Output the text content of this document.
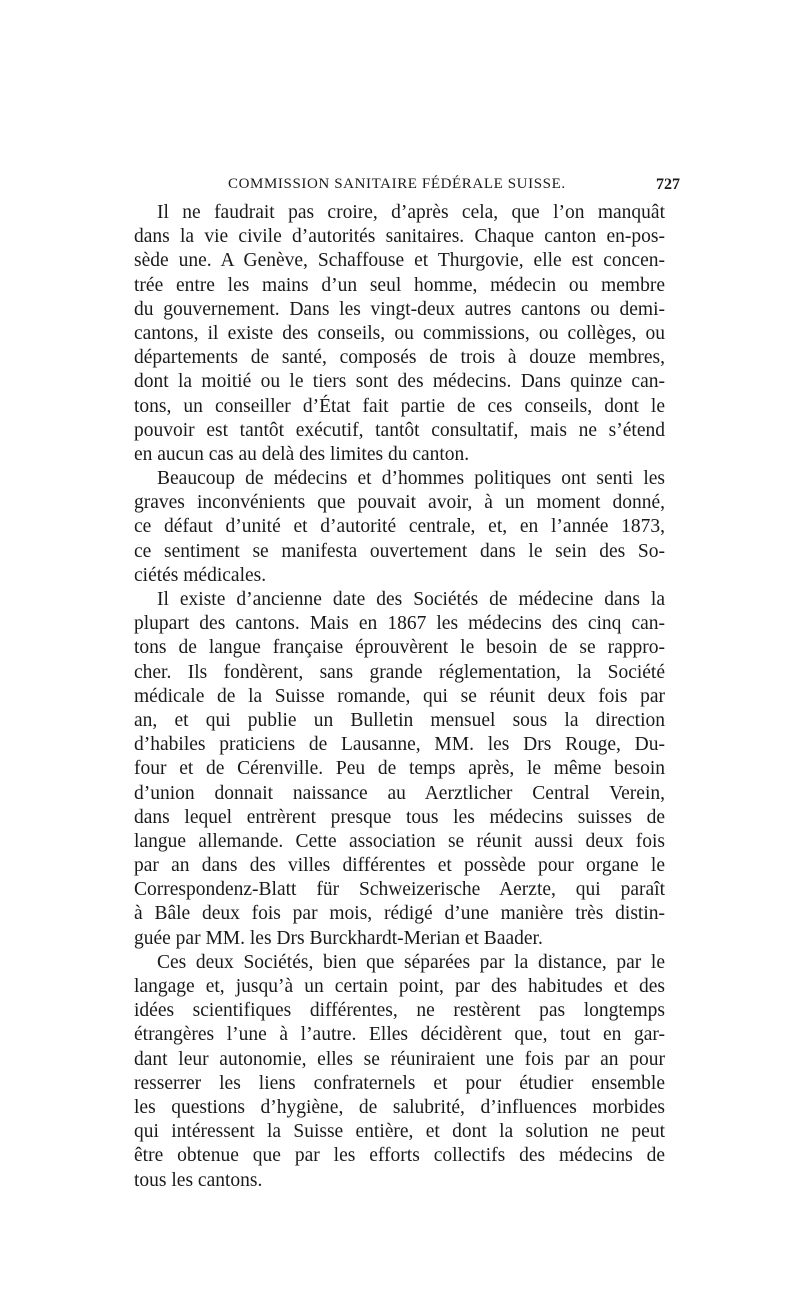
COMMISSION SANITAIRE FÉDÉRALE SUISSE.	727

Il ne faudrait pas croire, d’après cela, que l’on manquât
dans la vie civile d’autorités sanitaires. Chaque canton en-pos-
sède une. A Genève, Schaffouse et Thurgovie, elle est concen-
trée entre les mains d’un seul homme, médecin ou membre
du gouvernement. Dans les vingt-deux autres cantons ou demi-
cantons, il existe des conseils, ou commissions, ou collèges, ou
départements de santé, composés de trois à douze membres,
dont la moitié ou le tiers sont des médecins. Dans quinze can-
tons, un conseiller d’État fait partie de ces conseils, dont le
pouvoir est tantôt exécutif, tantôt consultatif, mais ne s’étend
en aucun cas au delà des limites du canton.

Beaucoup de médecins et d’hommes politiques ont senti les
graves inconvénients que pouvait avoir, à un moment donné,
ce défaut d’unité et d’autorité centrale, et, en l’année 1873,
ce sentiment se manifesta ouvertement dans le sein des So-
ciétés médicales.

Il existe d’ancienne date des Sociétés de médecine dans la
plupart des cantons. Mais en 1867 les médecins des cinq can-
tons de langue française éprouvèrent le besoin de se rappro-
cher. Ils fondèrent, sans grande réglementation, la Société
médicale de la Suisse romande, qui se réunit deux fois par
an, et qui publie un Bulletin mensuel sous la direction
d’habiles praticiens de Lausanne, MM. les Drs Rouge, Du-
four et de Cérenville. Peu de temps après, le même besoin
d’union donnait naissance au Aerztlicher Central Verein,
dans lequel entrèrent presque tous les médecins suisses de
langue allemande. Cette association se réunit aussi deux fois
par an dans des villes différentes et possède pour organe le
Correspondenz-Blatt für Schweizerische Aerzte, qui paraît
à Bâle deux fois par mois, rédigé d’une manière très distin-
guée par MM. les Drs Burckhardt-Merian et Baader.

Ces deux Sociétés, bien que séparées par la distance, par le
langage et, jusqu’à un certain point, par des habitudes et des
idées scientifiques différentes, ne restèrent pas longtemps
étrangères l’une à l’autre. Elles décidèrent que, tout en gar-
dant leur autonomie, elles se réuniraient une fois par an pour
resserrer les liens confraternels et pour étudier ensemble
les questions d’hygiène, de salubrité, d’influences morbides
qui intéressent la Suisse entière, et dont la solution ne peut
être obtenue que par les efforts collectifs des médecins de
tous les cantons.
